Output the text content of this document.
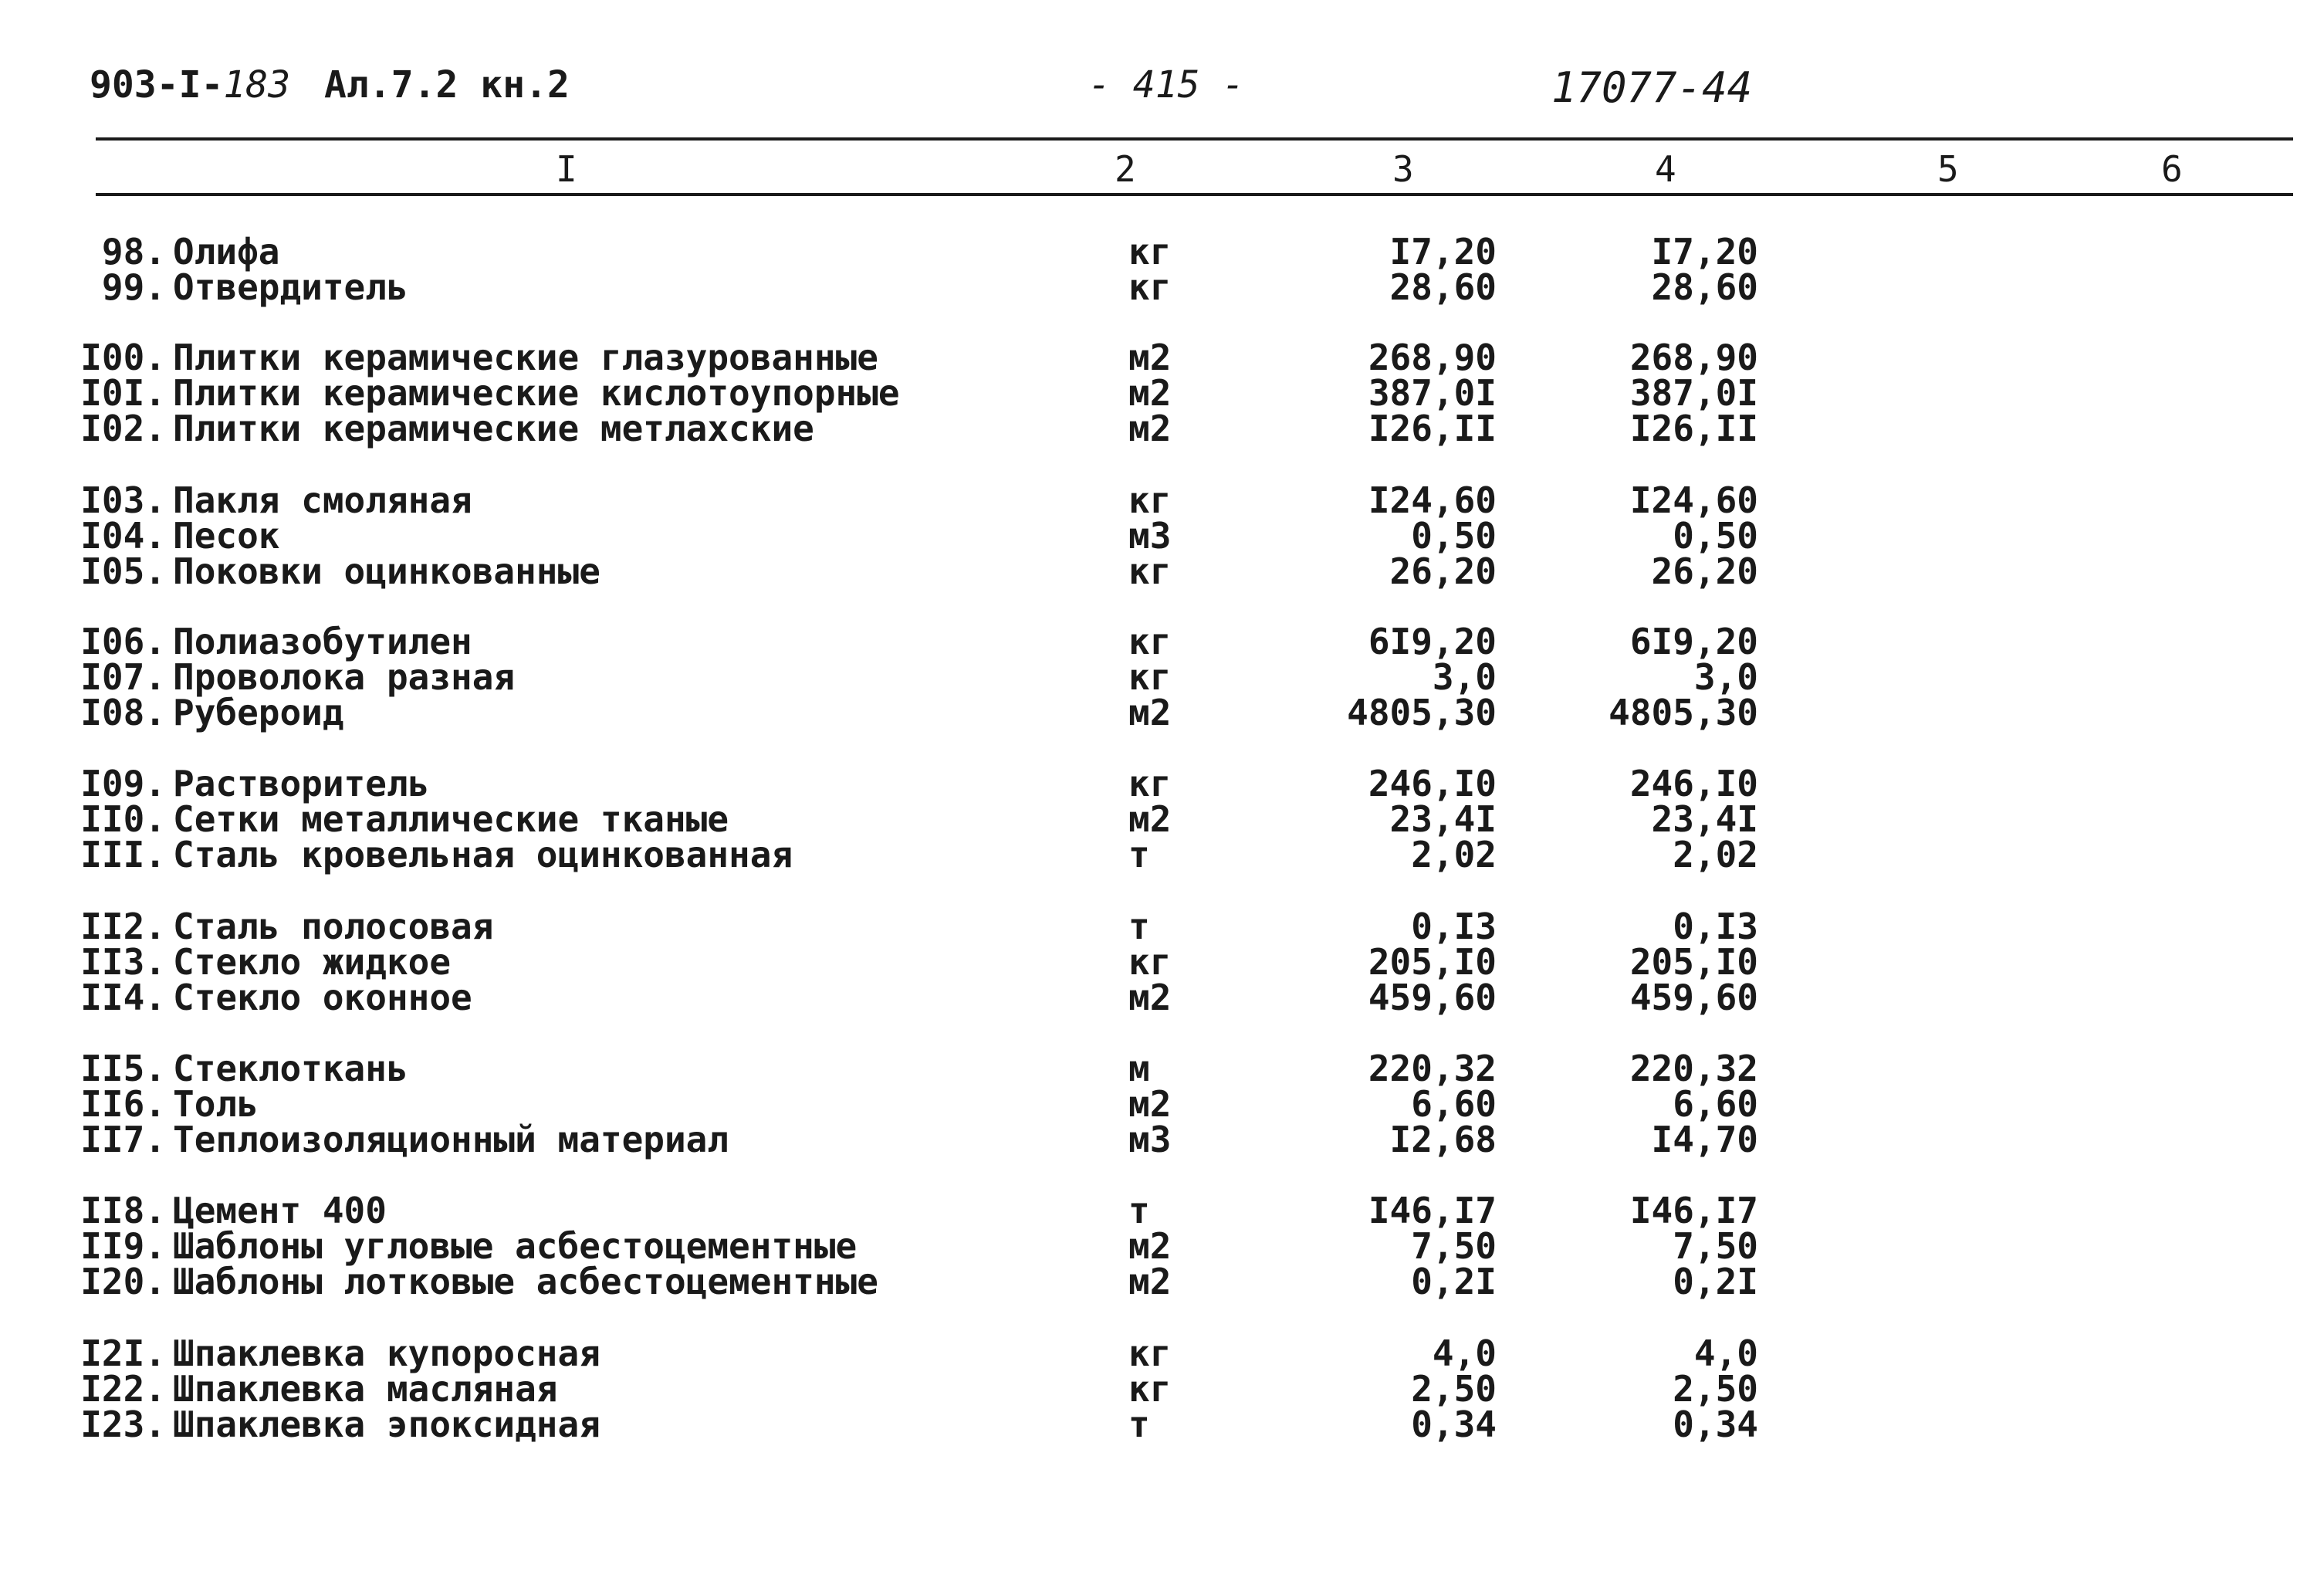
903-I-183 Ал.7.2 кн.2	- 415 -	17077-44
I	2	3	4	5	6
98. Олифа	кг	I7,20	I7,20
99. Отвердитель	кг	28,60	28,60
I00. Плитки керамические глазурованные	м2	268,90	268,90
I0I. Плитки керамические кислотоупорные	м2	387,0I	387,0I
I02. Плитки керамические метлахские	м2	I26,II	I26,II
I03. Пакля смоляная	кг	I24,60	I24,60
I04. Песок	м3	0,50	0,50
I05. Поковки оцинкованные	кг	26,20	26,20
I06. Полиазобутилен	кг	6I9,20	6I9,20
I07. Проволока разная	кг	3,0	3,0
I08. Рубероид	м2	4805,30	4805,30
I09. Растворитель	кг	246,I0	246,I0
II0. Сетки металлические тканые	м2	23,4I	23,4I
III. Сталь кровельная оцинкованная	т	2,02	2,02
II2. Сталь полосовая	т	0,I3	0,I3
II3. Стекло жидкое	кг	205,I0	205,I0
II4. Стекло оконное	м2	459,60	459,60
II5. Стеклоткань	м	220,32	220,32
II6. Толь	м2	6,60	6,60
II7. Теплоизоляционный материал	м3	I2,68	I4,70
II8. Цемент 400	т	I46,I7	I46,I7
II9. Шаблоны угловые асбестоцементные	м2	7,50	7,50
I20. Шаблоны лотковые асбестоцементные	м2	0,2I	0,2I
I2I. Шпаклевка купоросная	кг	4,0	4,0
I22. Шпаклевка масляная	кг	2,50	2,50
I23. Шпаклевка эпоксидная	т	0,34	0,34
